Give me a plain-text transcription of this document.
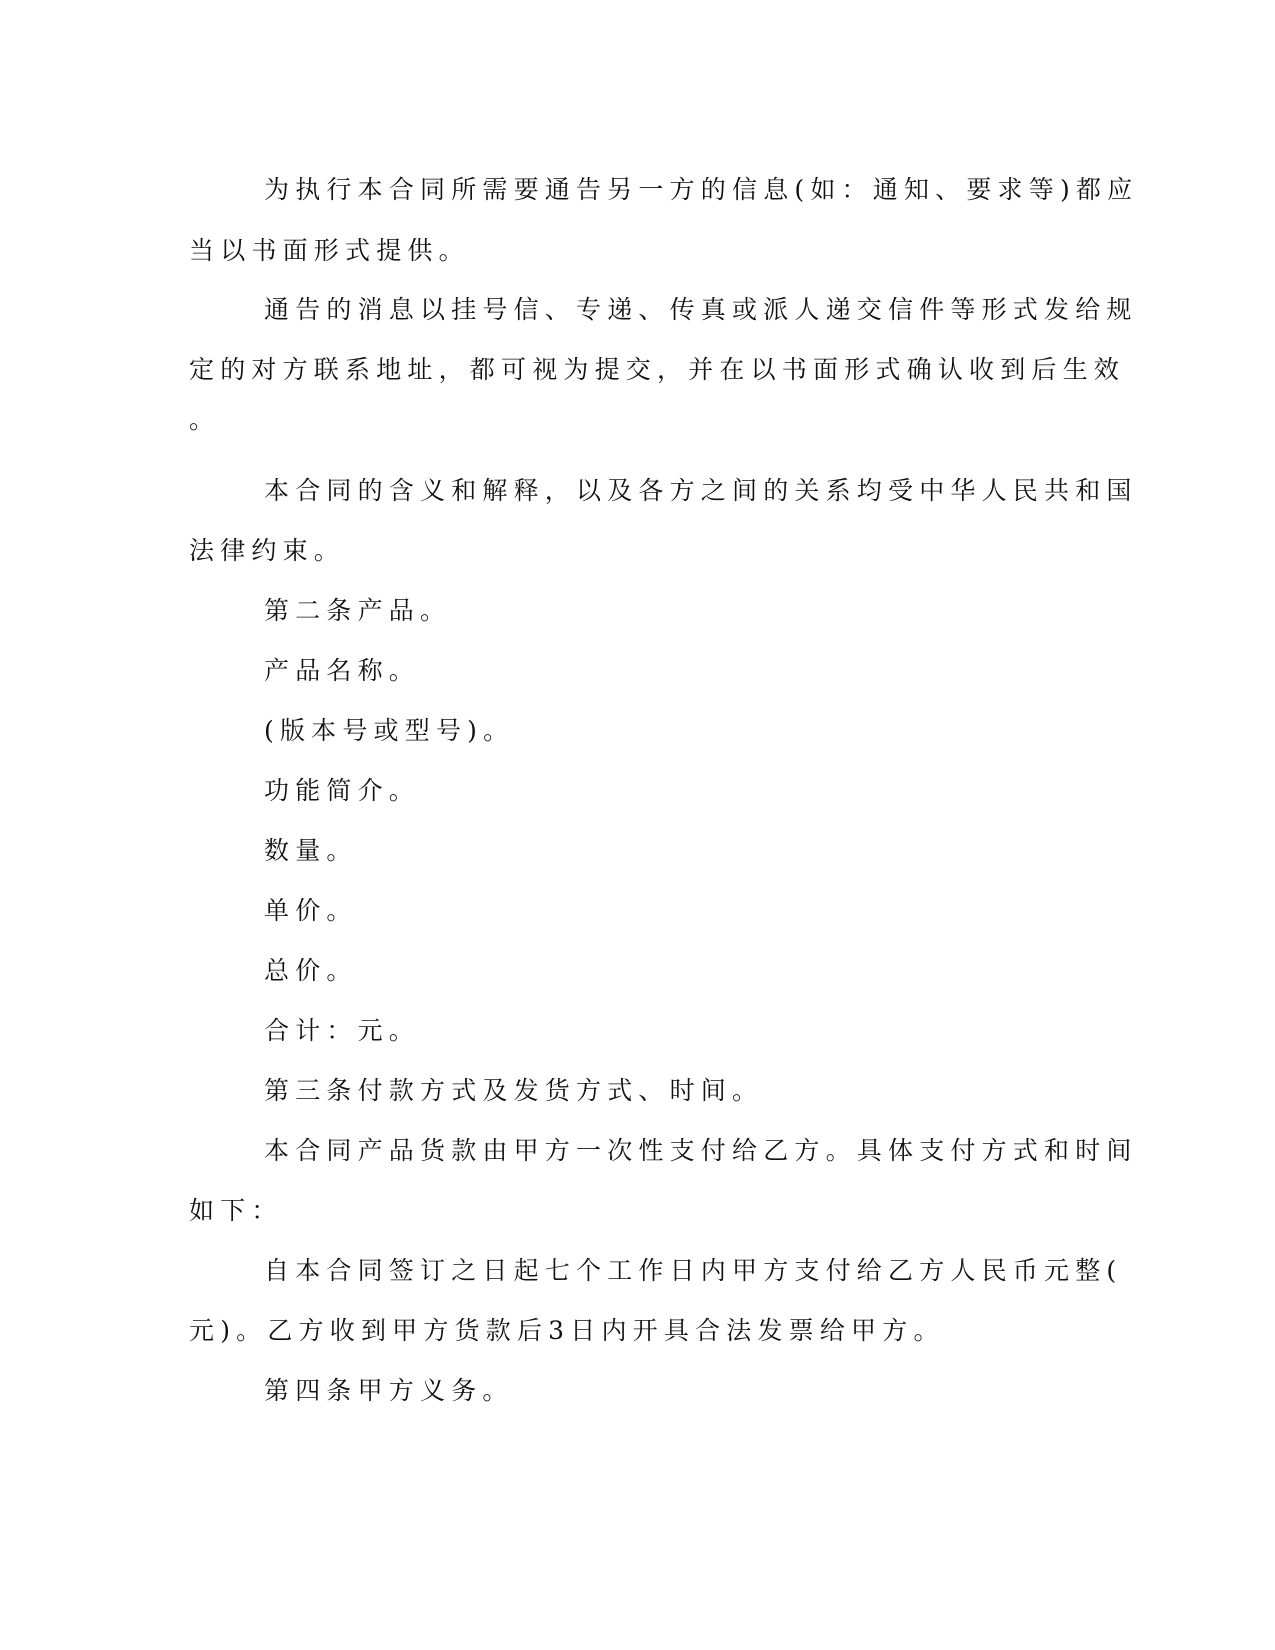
为执行本合同所需要通告另一方的信息(如：通知、要求等)都应
当以书面形式提供。
通告的消息以挂号信、专递、传真或派人递交信件等形式发给规
定的对方联系地址，都可视为提交，并在以书面形式确认收到后生效
。
本合同的含义和解释，以及各方之间的关系均受中华人民共和国
法律约束。
第二条产品。
产品名称。
(版本号或型号)。
功能简介。
数量。
单价。
总价。
合计：元。
第三条付款方式及发货方式、时间。
本合同产品货款由甲方一次性支付给乙方。具体支付方式和时间
如下：
自本合同签订之日起七个工作日内甲方支付给乙方人民币元整(
元)。乙方收到甲方货款后3日内开具合法发票给甲方。
第四条甲方义务。
